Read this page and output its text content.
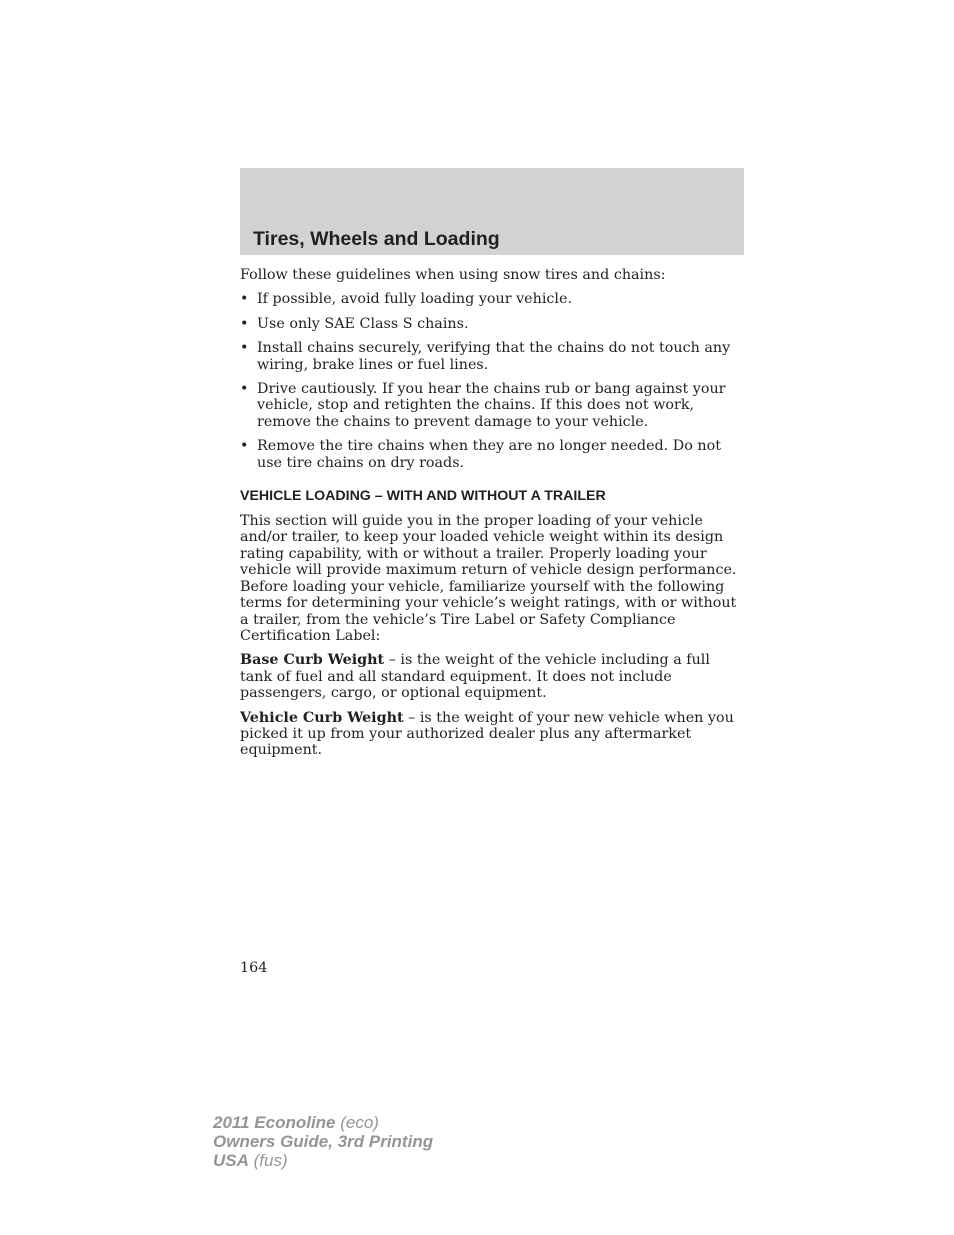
Tires, Wheels and Loading

Follow these guidelines when using snow tires and chains:

• If possible, avoid fully loading your vehicle.
• Use only SAE Class S chains.
• Install chains securely, verifying that the chains do not touch any wiring, brake lines or fuel lines.
• Drive cautiously. If you hear the chains rub or bang against your vehicle, stop and retighten the chains. If this does not work, remove the chains to prevent damage to your vehicle.
• Remove the tire chains when they are no longer needed. Do not use tire chains on dry roads.
VEHICLE LOADING – WITH AND WITHOUT A TRAILER

This section will guide you in the proper loading of your vehicle and/or trailer, to keep your loaded vehicle weight within its design rating capability, with or without a trailer. Properly loading your vehicle will provide maximum return of vehicle design performance. Before loading your vehicle, familiarize yourself with the following terms for determining your vehicle’s weight ratings, with or without a trailer, from the vehicle’s Tire Label or Safety Compliance Certification Label:

Base Curb Weight – is the weight of the vehicle including a full tank of fuel and all standard equipment. It does not include passengers, cargo, or optional equipment.

Vehicle Curb Weight – is the weight of your new vehicle when you picked it up from your authorized dealer plus any aftermarket equipment.

164
2011 Econoline (eco)
Owners Guide, 3rd Printing
USA (fus)
